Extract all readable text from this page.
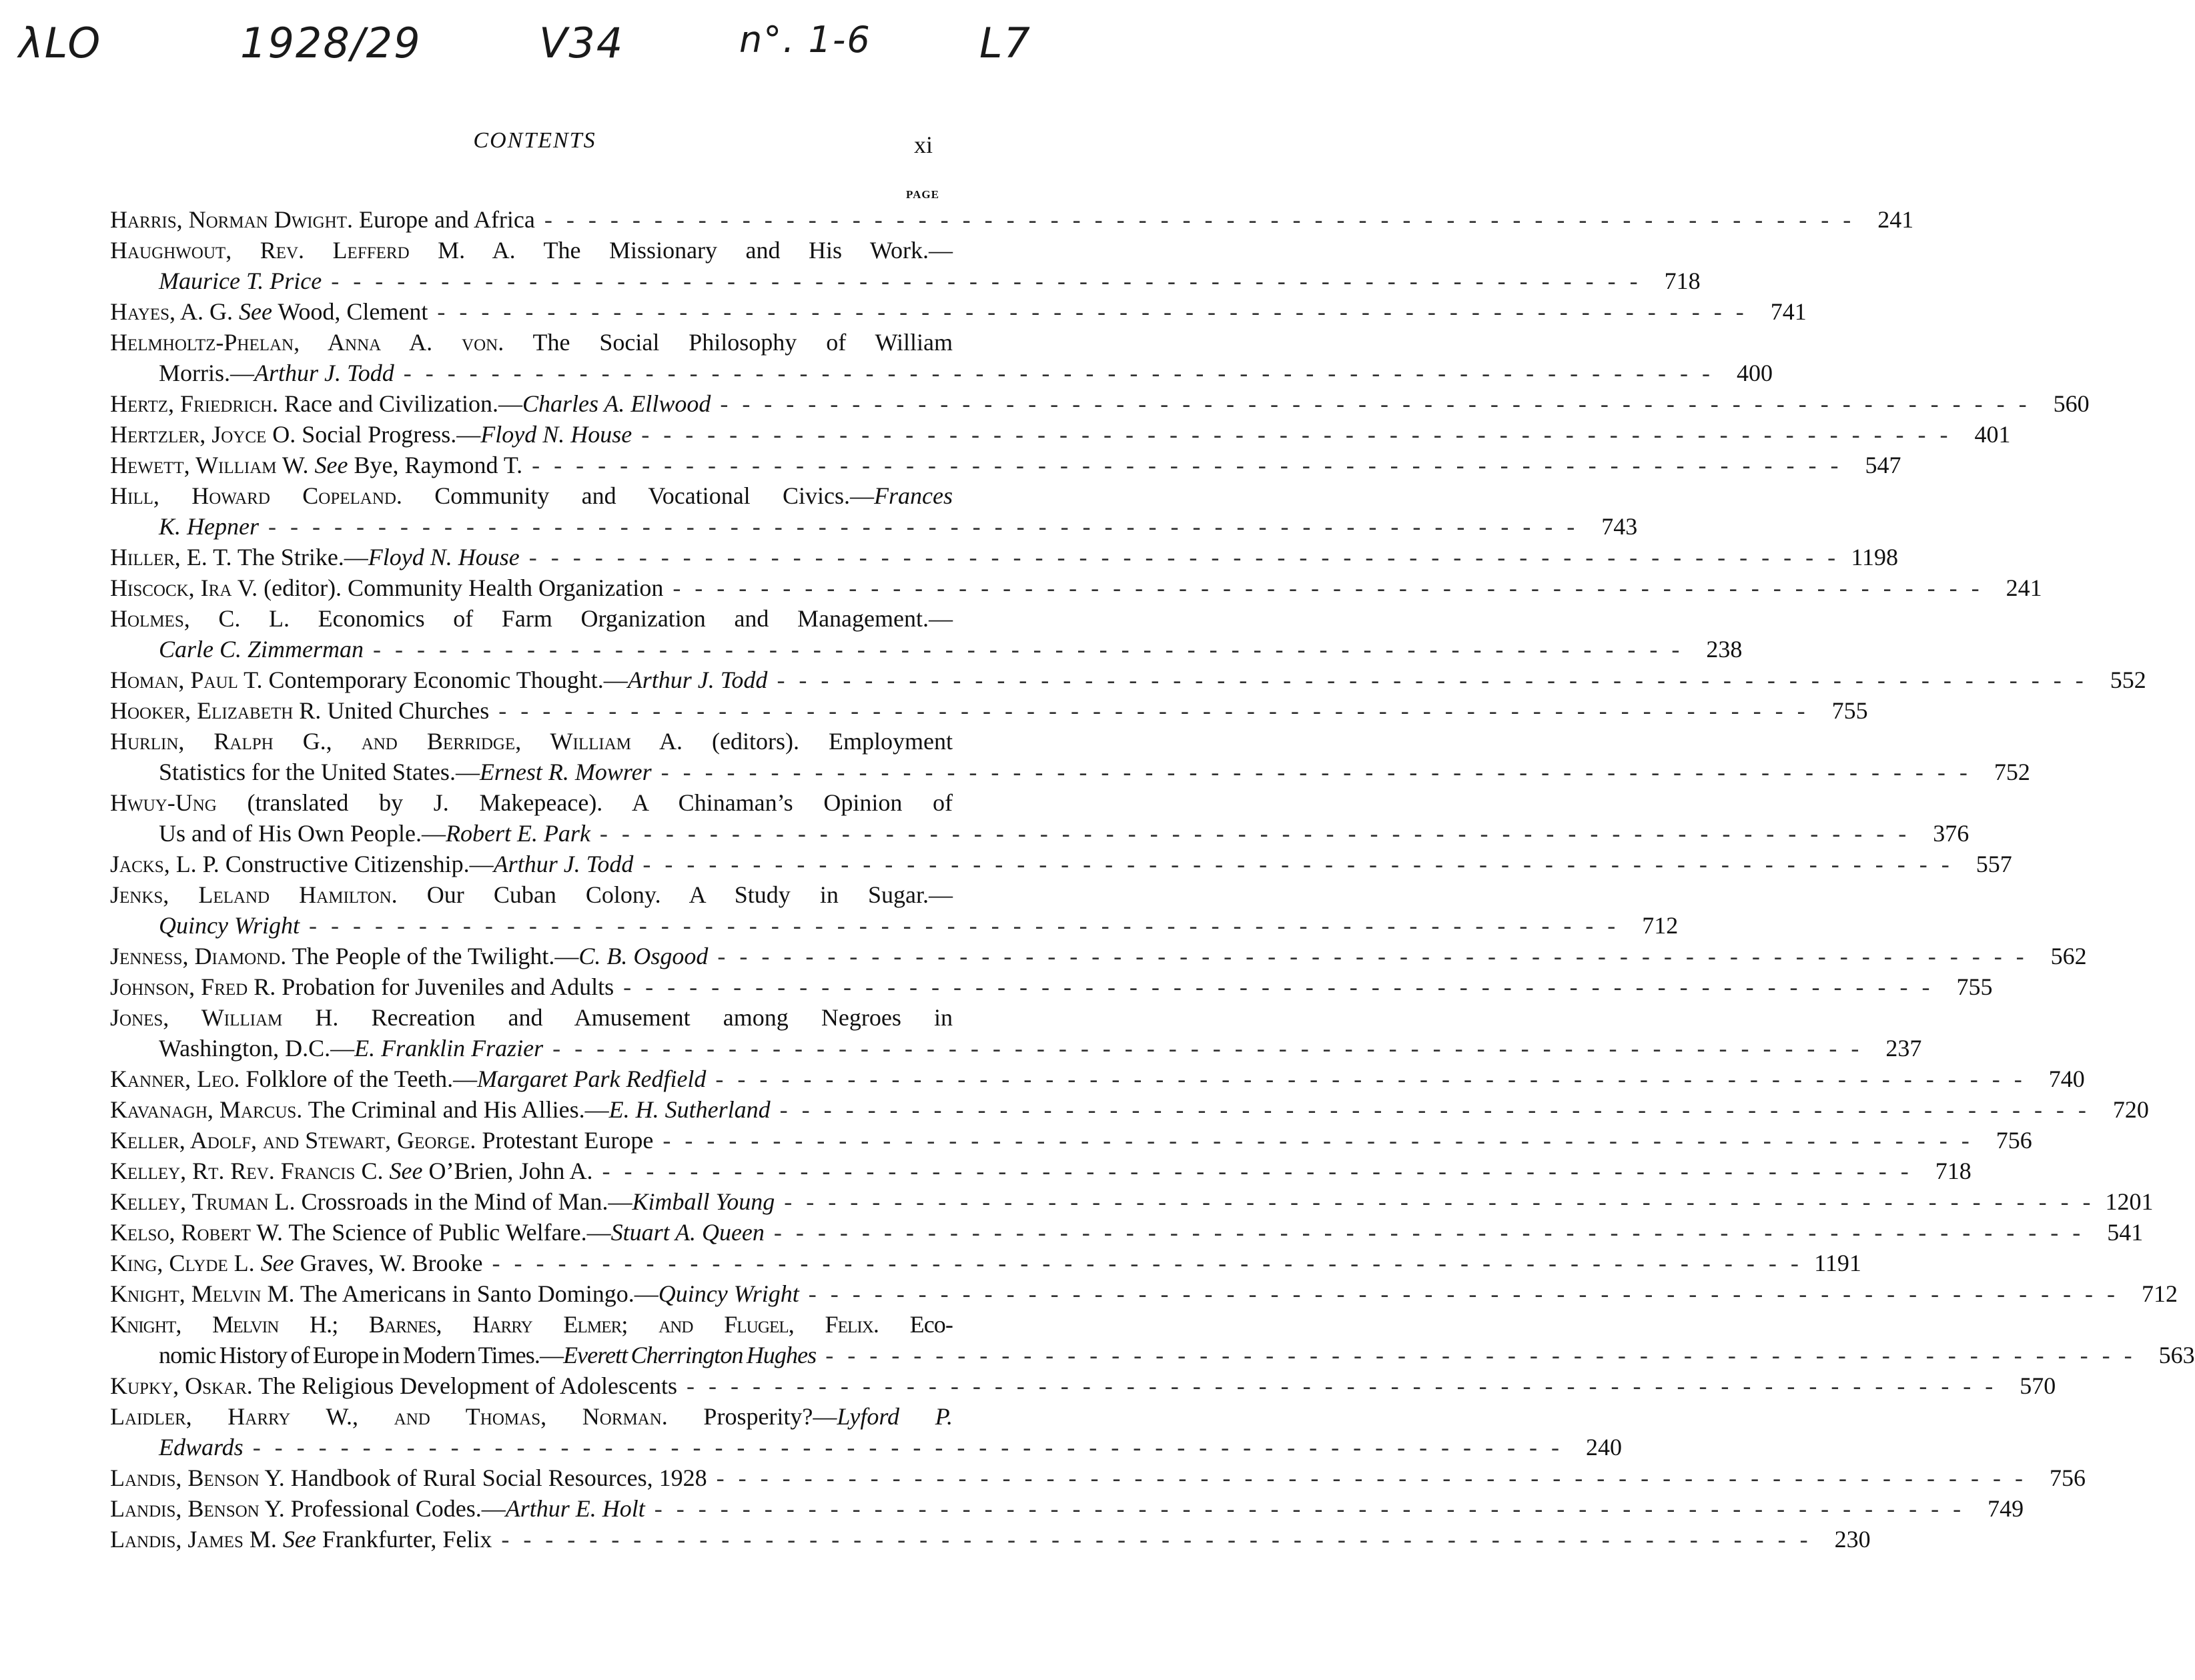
λLO	1928/29	V34	n°. 1-6	L7
CONTENTS	xi
PAGE
Harris, Norman Dwight. Europe and Africa - - - - - - - - - - - - - - - - - - - - - - - - - - - - - - - - - - - - - - - - - - - - - - - - - - - - - - - - - - - - 241
Haughwout, Rev. Lefferd M. A. The Missionary and His Work.—
Maurice T. Price - - - - - - - - - - - - - - - - - - - - - - - - - - - - - - - - - - - - - - - - - - - - - - - - - - - - - - - - - - - - 718
Hayes, A. G. See Wood, Clement - - - - - - - - - - - - - - - - - - - - - - - - - - - - - - - - - - - - - - - - - - - - - - - - - - - - - - - - - - - - 741
Helmholtz-Phelan, Anna A. von. The Social Philosophy of William
Morris.—Arthur J. Todd - - - - - - - - - - - - - - - - - - - - - - - - - - - - - - - - - - - - - - - - - - - - - - - - - - - - - - - - - - - - 400
Hertz, Friedrich. Race and Civilization.—Charles A. Ellwood - - - - - - - - - - - - - - - - - - - - - - - - - - - - - - - - - - - - - - - - - - - - - - - - - - - - - - - - - - - - 560
Hertzler, Joyce O. Social Progress.—Floyd N. House - - - - - - - - - - - - - - - - - - - - - - - - - - - - - - - - - - - - - - - - - - - - - - - - - - - - - - - - - - - - 401
Hewett, William W. See Bye, Raymond T. - - - - - - - - - - - - - - - - - - - - - - - - - - - - - - - - - - - - - - - - - - - - - - - - - - - - - - - - - - - - 547
Hill, Howard Copeland. Community and Vocational Civics.—Frances
K. Hepner - - - - - - - - - - - - - - - - - - - - - - - - - - - - - - - - - - - - - - - - - - - - - - - - - - - - - - - - - - - - 743
Hiller, E. T. The Strike.—Floyd N. House - - - - - - - - - - - - - - - - - - - - - - - - - - - - - - - - - - - - - - - - - - - - - - - - - - - - - - - - - - - - 1198
Hiscock, Ira V. (editor). Community Health Organization - - - - - - - - - - - - - - - - - - - - - - - - - - - - - - - - - - - - - - - - - - - - - - - - - - - - - - - - - - - - 241
Holmes, C. L. Economics of Farm Organization and Management.—
Carle C. Zimmerman - - - - - - - - - - - - - - - - - - - - - - - - - - - - - - - - - - - - - - - - - - - - - - - - - - - - - - - - - - - - 238
Homan, Paul T. Contemporary Economic Thought.—Arthur J. Todd - - - - - - - - - - - - - - - - - - - - - - - - - - - - - - - - - - - - - - - - - - - - - - - - - - - - - - - - - - - - 552
Hooker, Elizabeth R. United Churches - - - - - - - - - - - - - - - - - - - - - - - - - - - - - - - - - - - - - - - - - - - - - - - - - - - - - - - - - - - - 755
Hurlin, Ralph G., and Berridge, William A. (editors). Employment
Statistics for the United States.—Ernest R. Mowrer - - - - - - - - - - - - - - - - - - - - - - - - - - - - - - - - - - - - - - - - - - - - - - - - - - - - - - - - - - - - 752
Hwuy-Ung (translated by J. Makepeace). A Chinaman’s Opinion of
Us and of His Own People.—Robert E. Park - - - - - - - - - - - - - - - - - - - - - - - - - - - - - - - - - - - - - - - - - - - - - - - - - - - - - - - - - - - - 376
Jacks, L. P. Constructive Citizenship.—Arthur J. Todd - - - - - - - - - - - - - - - - - - - - - - - - - - - - - - - - - - - - - - - - - - - - - - - - - - - - - - - - - - - - 557
Jenks, Leland Hamilton. Our Cuban Colony. A Study in Sugar.—
Quincy Wright - - - - - - - - - - - - - - - - - - - - - - - - - - - - - - - - - - - - - - - - - - - - - - - - - - - - - - - - - - - - 712
Jenness, Diamond. The People of the Twilight.—C. B. Osgood - - - - - - - - - - - - - - - - - - - - - - - - - - - - - - - - - - - - - - - - - - - - - - - - - - - - - - - - - - - - 562
Johnson, Fred R. Probation for Juveniles and Adults - - - - - - - - - - - - - - - - - - - - - - - - - - - - - - - - - - - - - - - - - - - - - - - - - - - - - - - - - - - - 755
Jones, William H. Recreation and Amusement among Negroes in
Washington, D.C.—E. Franklin Frazier - - - - - - - - - - - - - - - - - - - - - - - - - - - - - - - - - - - - - - - - - - - - - - - - - - - - - - - - - - - - 237
Kanner, Leo. Folklore of the Teeth.—Margaret Park Redfield - - - - - - - - - - - - - - - - - - - - - - - - - - - - - - - - - - - - - - - - - - - - - - - - - - - - - - - - - - - - 740
Kavanagh, Marcus. The Criminal and His Allies.—E. H. Sutherland - - - - - - - - - - - - - - - - - - - - - - - - - - - - - - - - - - - - - - - - - - - - - - - - - - - - - - - - - - - - 720
Keller, Adolf, and Stewart, George. Protestant Europe - - - - - - - - - - - - - - - - - - - - - - - - - - - - - - - - - - - - - - - - - - - - - - - - - - - - - - - - - - - - 756
Kelley, Rt. Rev. Francis C. See O’Brien, John A. - - - - - - - - - - - - - - - - - - - - - - - - - - - - - - - - - - - - - - - - - - - - - - - - - - - - - - - - - - - - 718
Kelley, Truman L. Crossroads in the Mind of Man.—Kimball Young - - - - - - - - - - - - - - - - - - - - - - - - - - - - - - - - - - - - - - - - - - - - - - - - - - - - - - - - - - - - 1201
Kelso, Robert W. The Science of Public Welfare.—Stuart A. Queen - - - - - - - - - - - - - - - - - - - - - - - - - - - - - - - - - - - - - - - - - - - - - - - - - - - - - - - - - - - - 541
King, Clyde L. See Graves, W. Brooke - - - - - - - - - - - - - - - - - - - - - - - - - - - - - - - - - - - - - - - - - - - - - - - - - - - - - - - - - - - - 1191
Knight, Melvin M. The Americans in Santo Domingo.—Quincy Wright - - - - - - - - - - - - - - - - - - - - - - - - - - - - - - - - - - - - - - - - - - - - - - - - - - - - - - - - - - - - 712
Knight, Melvin H.; Barnes, Harry Elmer; and Flugel, Felix. Eco-
nomic History of Europe in Modern Times.—Everett Cherrington Hughes - - - - - - - - - - - - - - - - - - - - - - - - - - - - - - - - - - - - - - - - - - - - - - - - - - - - - - - - - - - - 563
Kupky, Oskar. The Religious Development of Adolescents - - - - - - - - - - - - - - - - - - - - - - - - - - - - - - - - - - - - - - - - - - - - - - - - - - - - - - - - - - - - 570
Laidler, Harry W., and Thomas, Norman. Prosperity?—Lyford P.
Edwards - - - - - - - - - - - - - - - - - - - - - - - - - - - - - - - - - - - - - - - - - - - - - - - - - - - - - - - - - - - - 240
Landis, Benson Y. Handbook of Rural Social Resources, 1928 - - - - - - - - - - - - - - - - - - - - - - - - - - - - - - - - - - - - - - - - - - - - - - - - - - - - - - - - - - - - 756
Landis, Benson Y. Professional Codes.—Arthur E. Holt - - - - - - - - - - - - - - - - - - - - - - - - - - - - - - - - - - - - - - - - - - - - - - - - - - - - - - - - - - - - 749
Landis, James M. See Frankfurter, Felix - - - - - - - - - - - - - - - - - - - - - - - - - - - - - - - - - - - - - - - - - - - - - - - - - - - - - - - - - - - - 230
